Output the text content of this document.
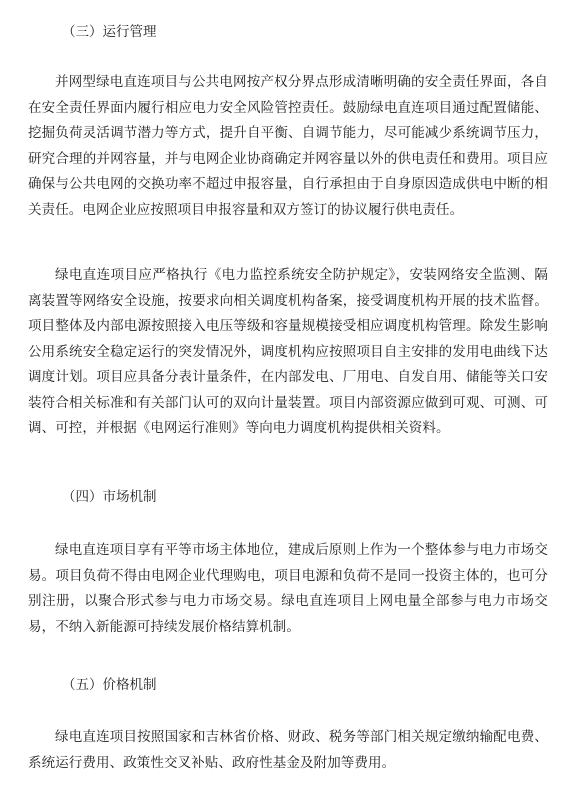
（三）运行管理
并网型绿电直连项目与公共电网按产权分界点形成清晰明确的安全责任界面，各自在安全责任界面内履行相应电力安全风险管控责任。鼓励绿电直连项目通过配置储能、挖掘负荷灵活调节潜力等方式，提升自平衡、自调节能力，尽可能减少系统调节压力，研究合理的并网容量，并与电网企业协商确定并网容量以外的供电责任和费用。项目应确保与公共电网的交换功率不超过申报容量，自行承担由于自身原因造成供电中断的相关责任。电网企业应按照项目申报容量和双方签订的协议履行供电责任。
绿电直连项目应严格执行《电力监控系统安全防护规定》，安装网络安全监测、隔离装置等网络安全设施，按要求向相关调度机构备案，接受调度机构开展的技术监督。项目整体及内部电源按照接入电压等级和容量规模接受相应调度机构管理。除发生影响公用系统安全稳定运行的突发情况外，调度机构应按照项目自主安排的发用电曲线下达调度计划。项目应具备分表计量条件，在内部发电、厂用电、自发自用、储能等关口安装符合相关标准和有关部门认可的双向计量装置。项目内部资源应做到可观、可测、可调、可控，并根据《电网运行准则》等向电力调度机构提供相关资料。
（四）市场机制
绿电直连项目享有平等市场主体地位，建成后原则上作为一个整体参与电力市场交易。项目负荷不得由电网企业代理购电，项目电源和负荷不是同一投资主体的，也可分别注册，以聚合形式参与电力市场交易。绿电直连项目上网电量全部参与电力市场交易，不纳入新能源可持续发展价格结算机制。
（五）价格机制
绿电直连项目按照国家和吉林省价格、财政、税务等部门相关规定缴纳输配电费、系统运行费用、政策性交叉补贴、政府性基金及附加等费用。
